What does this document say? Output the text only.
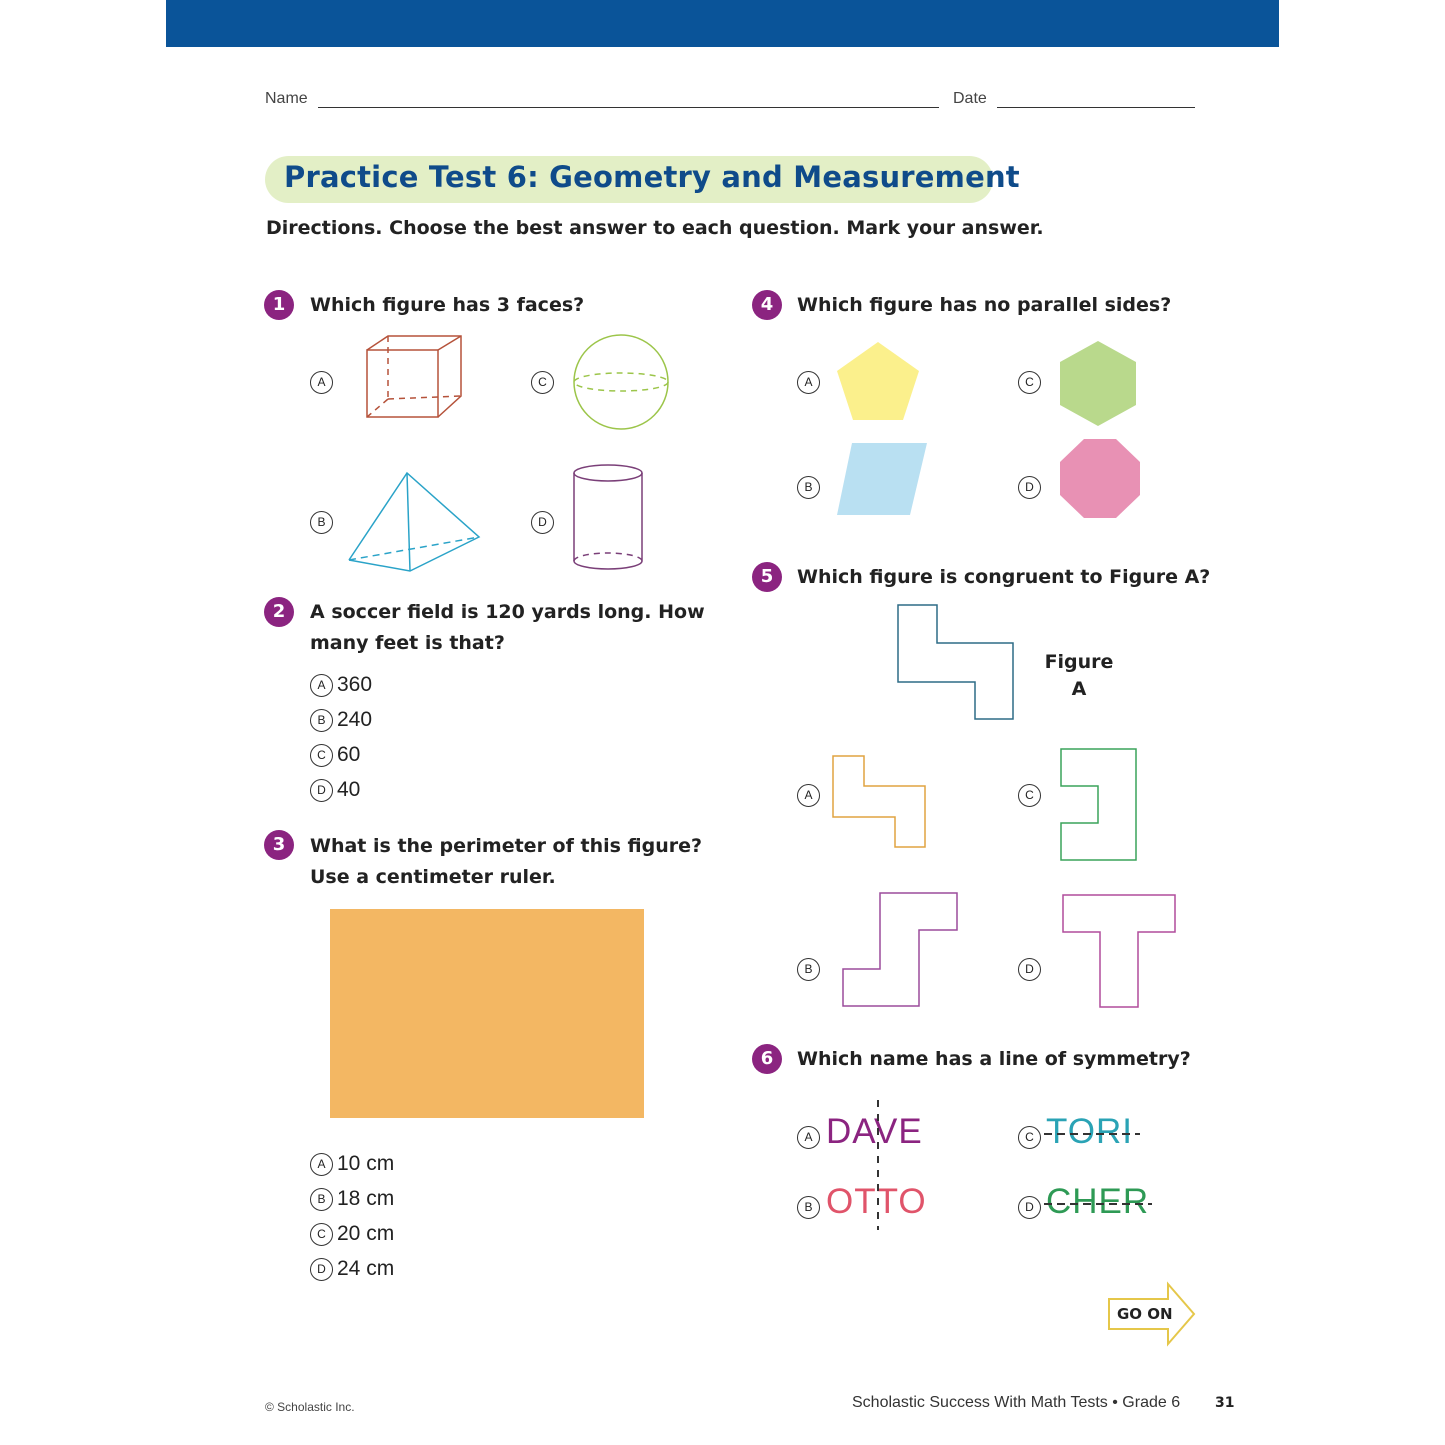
Name	Date
Practice Test 6: Geometry and Measurement
Directions. Choose the best answer to each question. Mark your answer.
1	Which figure has 3 faces?
A
B
C
D
2	A soccer field is 120 yards long. How
many feet is that?
A 360
B 240
C 60
D 40
3	What is the perimeter of this figure?
Use a centimeter ruler.
A 10 cm
B 18 cm
C 20 cm
D 24 cm
4	Which figure has no parallel sides?
A
B
C
D
5	Which figure is congruent to Figure A?
Figure
A
A
B
C
D
6	Which name has a line of symmetry?
A DAVE
B OTTO
C TORI
D CHER
GO ON
© Scholastic Inc.	Scholastic Success With Math Tests • Grade 6 31
